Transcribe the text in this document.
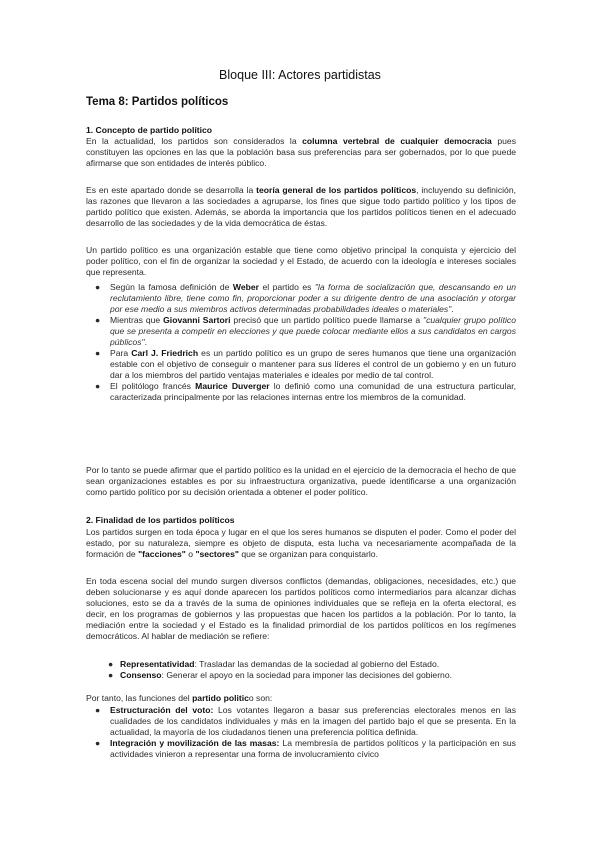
Bloque III: Actores partidistas
Tema 8: Partidos políticos

1. Concepto de partido político

En la actualidad, los partidos son considerados la columna vertebral de cualquier democracia pues constituyen las opciones en las que la población basa sus preferencias para ser gobernados, por lo que puede afirmarse que son entidades de interés público.

Es en este apartado donde se desarrolla la teoría general de los partidos políticos, incluyendo su definición, las razones que llevaron a las sociedades a agruparse, los fines que sigue todo partido político y los tipos de partido político que existen. Además, se aborda la importancia que los partidos políticos tienen en el adecuado desarrollo de las sociedades y de la vida democrática de éstas.

Un partido político es una organización estable que tiene como objetivo principal la conquista y ejercicio del poder político, con el fin de organizar la sociedad y el Estado, de acuerdo con la ideología e intereses sociales que representa.

● Según la famosa definición de Weber el partido es "la forma de socialización que, descansando en un reclutamiento libre, tiene como fin, proporcionar poder a su dirigente dentro de una asociación y otorgar por ese medio a sus miembros activos determinadas probabilidades ideales o materiales".
● Mientras que Giovanni Sartori precisó que un partido político puede llamarse a "cualquier grupo político que se presenta a competir en elecciones y que puede colocar mediante ellos a sus candidatos en cargos públicos".
● Para Carl J. Friedrich es un partido político es un grupo de seres humanos que tiene una organización estable con el objetivo de conseguir o mantener para sus líderes el control de un gobierno y en un futuro dar a los miembros del partido ventajas materiales e ideales por medio de tal control.
● El politólogo francés Maurice Duverger lo definió como una comunidad de una estructura particular, caracterizada principalmente por las relaciones internas entre los miembros de la comunidad.

Por lo tanto se puede afirmar que el partido político es la unidad en el ejercicio de la democracia el hecho de que sean organizaciones estables es por su infraestructura organizativa, puede identificarse a una organización como partido político por su decisión orientada a obtener el poder político.

2. Finalidad de los partidos políticos

Los partidos surgen en toda época y lugar en el que los seres humanos se disputen el poder. Como el poder del estado, por su naturaleza, siempre es objeto de disputa, esta lucha va necesariamente acompañada de la formación de "facciones" o "sectores" que se organizan para conquistarlo.

En toda escena social del mundo surgen diversos conflictos (demandas, obligaciones, necesidades, etc.) que deben solucionarse y es aquí donde aparecen los partidos políticos como intermediarios para alcanzar dichas soluciones, esto se da a través de la suma de opiniones individuales que se refleja en la oferta electoral, es decir, en los programas de gobiernos y las propuestas que hacen los partidos a la población. Por lo tanto, la mediación entre la sociedad y el Estado es la finalidad primordial de los partidos políticos en los regímenes democráticos. Al hablar de mediación se refiere:

● Representatividad: Trasladar las demandas de la sociedad al gobierno del Estado.
● Consenso: Generar el apoyo en la sociedad para imponer las decisiones del gobierno.

Por tanto, las funciones del partido politico son:

● Estructuración del voto: Los votantes llegaron a basar sus preferencias electorales menos en las cualidades de los candidatos individuales y más en la imagen del partido bajo el que se presenta. En la actualidad, la mayoría de los ciudadanos tienen una preferencia política definida.
● Integración y movilización de las masas: La membresía de partidos políticos y la participación en sus actividades vinieron a representar una forma de involucramiento cívico
